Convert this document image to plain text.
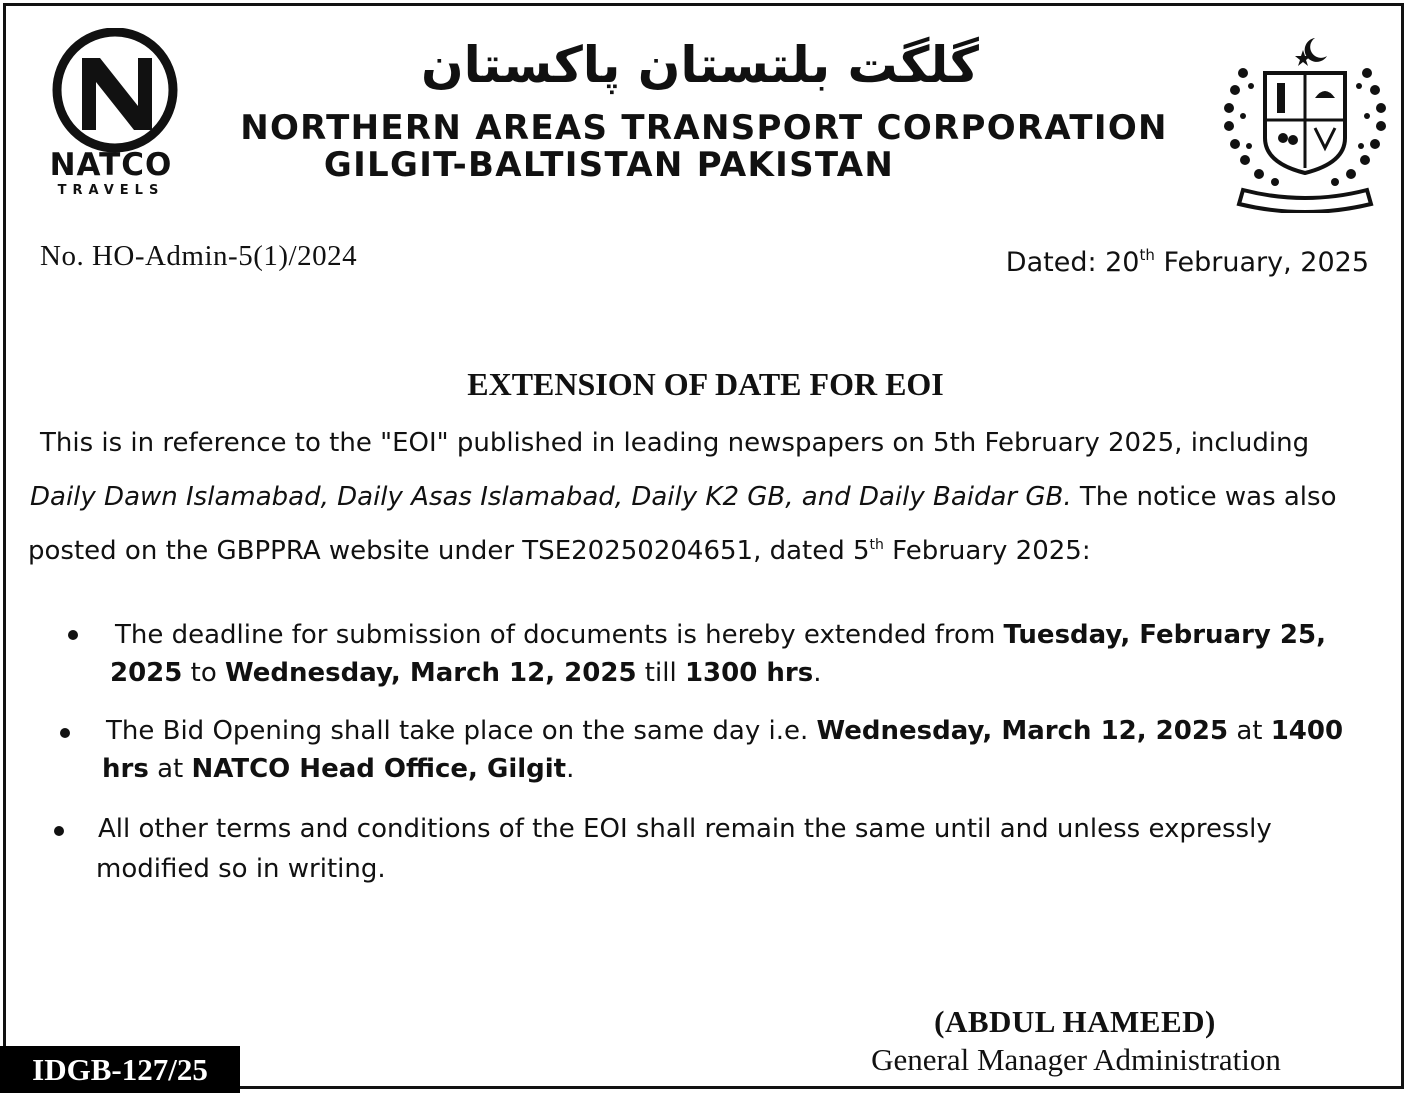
NATCO
TRAVELS
گلگت بلتستان پاکستان
NORTHERN AREAS TRANSPORT CORPORATION
GILGIT-BALTISTAN PAKISTAN
No. HO-Admin-5(1)/2024	Dated: 20th February, 2025
EXTENSION OF DATE FOR EOI
This is in reference to the "EOI" published in leading newspapers on 5th February 2025, including
Daily Dawn Islamabad, Daily Asas Islamabad, Daily K2 GB, and Daily Baidar GB. The notice was also
posted on the GBPPRA website under TSE20250204651, dated 5th February 2025:
The deadline for submission of documents is hereby extended from Tuesday, February 25,
2025 to Wednesday, March 12, 2025 till 1300 hrs.
The Bid Opening shall take place on the same day i.e. Wednesday, March 12, 2025 at 1400
hrs at NATCO Head Office, Gilgit.
All other terms and conditions of the EOI shall remain the same until and unless expressly
modified so in writing.
(ABDUL HAMEED)
General Manager Administration
IDGB-127/25
